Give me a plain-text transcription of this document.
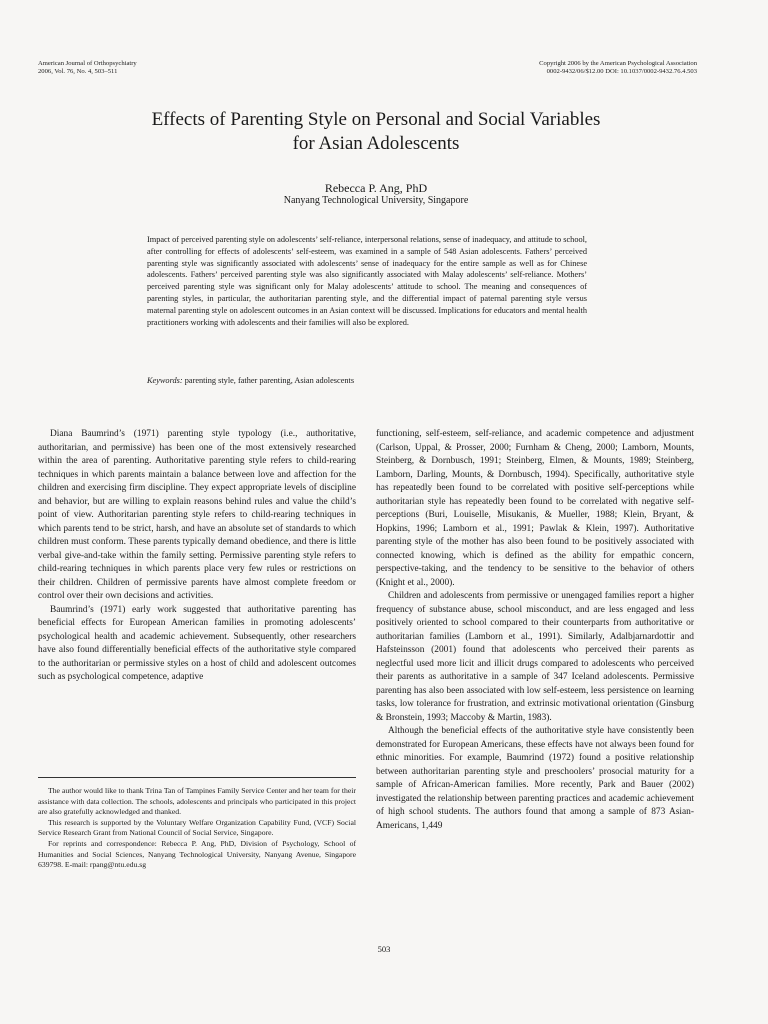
American Journal of Orthopsychiatry
2006, Vol. 76, No. 4, 503–511
Copyright 2006 by the American Psychological Association
0002-9432/06/$12.00 DOI: 10.1037/0002-9432.76.4.503
Effects of Parenting Style on Personal and Social Variables
for Asian Adolescents
Rebecca P. Ang, PhD
Nanyang Technological University, Singapore
Impact of perceived parenting style on adolescents’ self-reliance, interpersonal relations, sense of inadequacy, and attitude to school, after controlling for effects of adolescents’ self-esteem, was examined in a sample of 548 Asian adolescents. Fathers’ perceived parenting style was significantly associated with adolescents’ sense of inadequacy for the entire sample as well as for Chinese adolescents. Fathers’ perceived parenting style was also significantly associated with Malay adolescents’ self-reliance. Mothers’ perceived parenting style was significant only for Malay adolescents’ attitude to school. The meaning and consequences of parenting styles, in particular, the authoritarian parenting style, and the differential impact of paternal parenting style versus maternal parenting style on adolescent outcomes in an Asian context will be discussed. Implications for educators and mental health practitioners working with adolescents and their families will also be explored.
Keywords: parenting style, father parenting, Asian adolescents

Diana Baumrind’s (1971) parenting style typology (i.e., authoritative, authoritarian, and permissive) has been one of the most extensively researched within the area of parenting. Authoritative parenting style refers to child-rearing techniques in which parents maintain a balance between love and affection for the children and exercising firm discipline. They expect appropriate levels of discipline and behavior, but are willing to explain reasons behind rules and value the child’s point of view. Authoritarian parenting style refers to child-rearing techniques in which parents tend to be strict, harsh, and have an absolute set of standards to which children must conform. These parents typically demand obedience, and there is little verbal give-and-take within the family setting. Permissive parenting style refers to child-rearing techniques in which parents place very few rules or restrictions on their children. Children of permissive parents have almost complete freedom or control over their own decisions and activities.

Baumrind’s (1971) early work suggested that authoritative parenting has beneficial effects for European American families in promoting adolescents’ psychological health and academic achievement. Subsequently, other researchers have also found differentially beneficial effects of the authoritative style compared to the authoritarian or permissive styles on a host of child and adolescent outcomes such as psychological competence, adaptive

The author would like to thank Trina Tan of Tampines Family Service Center and her team for their assistance with data collection. The schools, adolescents and principals who participated in this project are also gratefully acknowledged and thanked.

This research is supported by the Voluntary Welfare Organization Capability Fund, (VCF) Social Service Research Grant from National Council of Social Service, Singapore.

For reprints and correspondence: Rebecca P. Ang, PhD, Division of Psychology, School of Humanities and Social Sciences, Nanyang Technological University, Nanyang Avenue, Singapore 639798. E-mail: rpang@ntu.edu.sg

functioning, self-esteem, self-reliance, and academic competence and adjustment (Carlson, Uppal, & Prosser, 2000; Furnham & Cheng, 2000; Lamborn, Mounts, Steinberg, & Dornbusch, 1991; Steinberg, Elmen, & Mounts, 1989; Steinberg, Lamborn, Darling, Mounts, & Dornbusch, 1994). Specifically, authoritative style has repeatedly been found to be correlated with positive self-perceptions while authoritarian style has repeatedly been found to be correlated with negative self-perceptions (Buri, Louiselle, Misukanis, & Mueller, 1988; Klein, Bryant, & Hopkins, 1996; Lamborn et al., 1991; Pawlak & Klein, 1997). Authoritative parenting style of the mother has also been found to be positively associated with connected knowing, which is defined as the ability for empathic concern, perspective-taking, and the tendency to be sensitive to the behavior of others (Knight et al., 2000).

Children and adolescents from permissive or unengaged families report a higher frequency of substance abuse, school misconduct, and are less engaged and less positively oriented to school compared to their counterparts from authoritative or authoritarian families (Lamborn et al., 1991). Similarly, Adalbjarnardottir and Hafsteinsson (2001) found that adolescents who perceived their parents as neglectful used more licit and illicit drugs compared to adolescents who perceived their parents as authoritative in a sample of 347 Iceland adolescents. Permissive parenting has also been associated with low self-esteem, less persistence on learning tasks, low tolerance for frustration, and extrinsic motivational orientation (Ginsburg & Bronstein, 1993; Maccoby & Martin, 1983).

Although the beneficial effects of the authoritative style have consistently been demonstrated for European Americans, these effects have not always been found for ethnic minorities. For example, Baumrind (1972) found a positive relationship between authoritarian parenting style and preschoolers’ prosocial maturity for a sample of African-American families. More recently, Park and Bauer (2002) investigated the relationship between parenting practices and academic achievement of high school students. The authors found that among a sample of 873 Asian-Americans, 1,449

503
